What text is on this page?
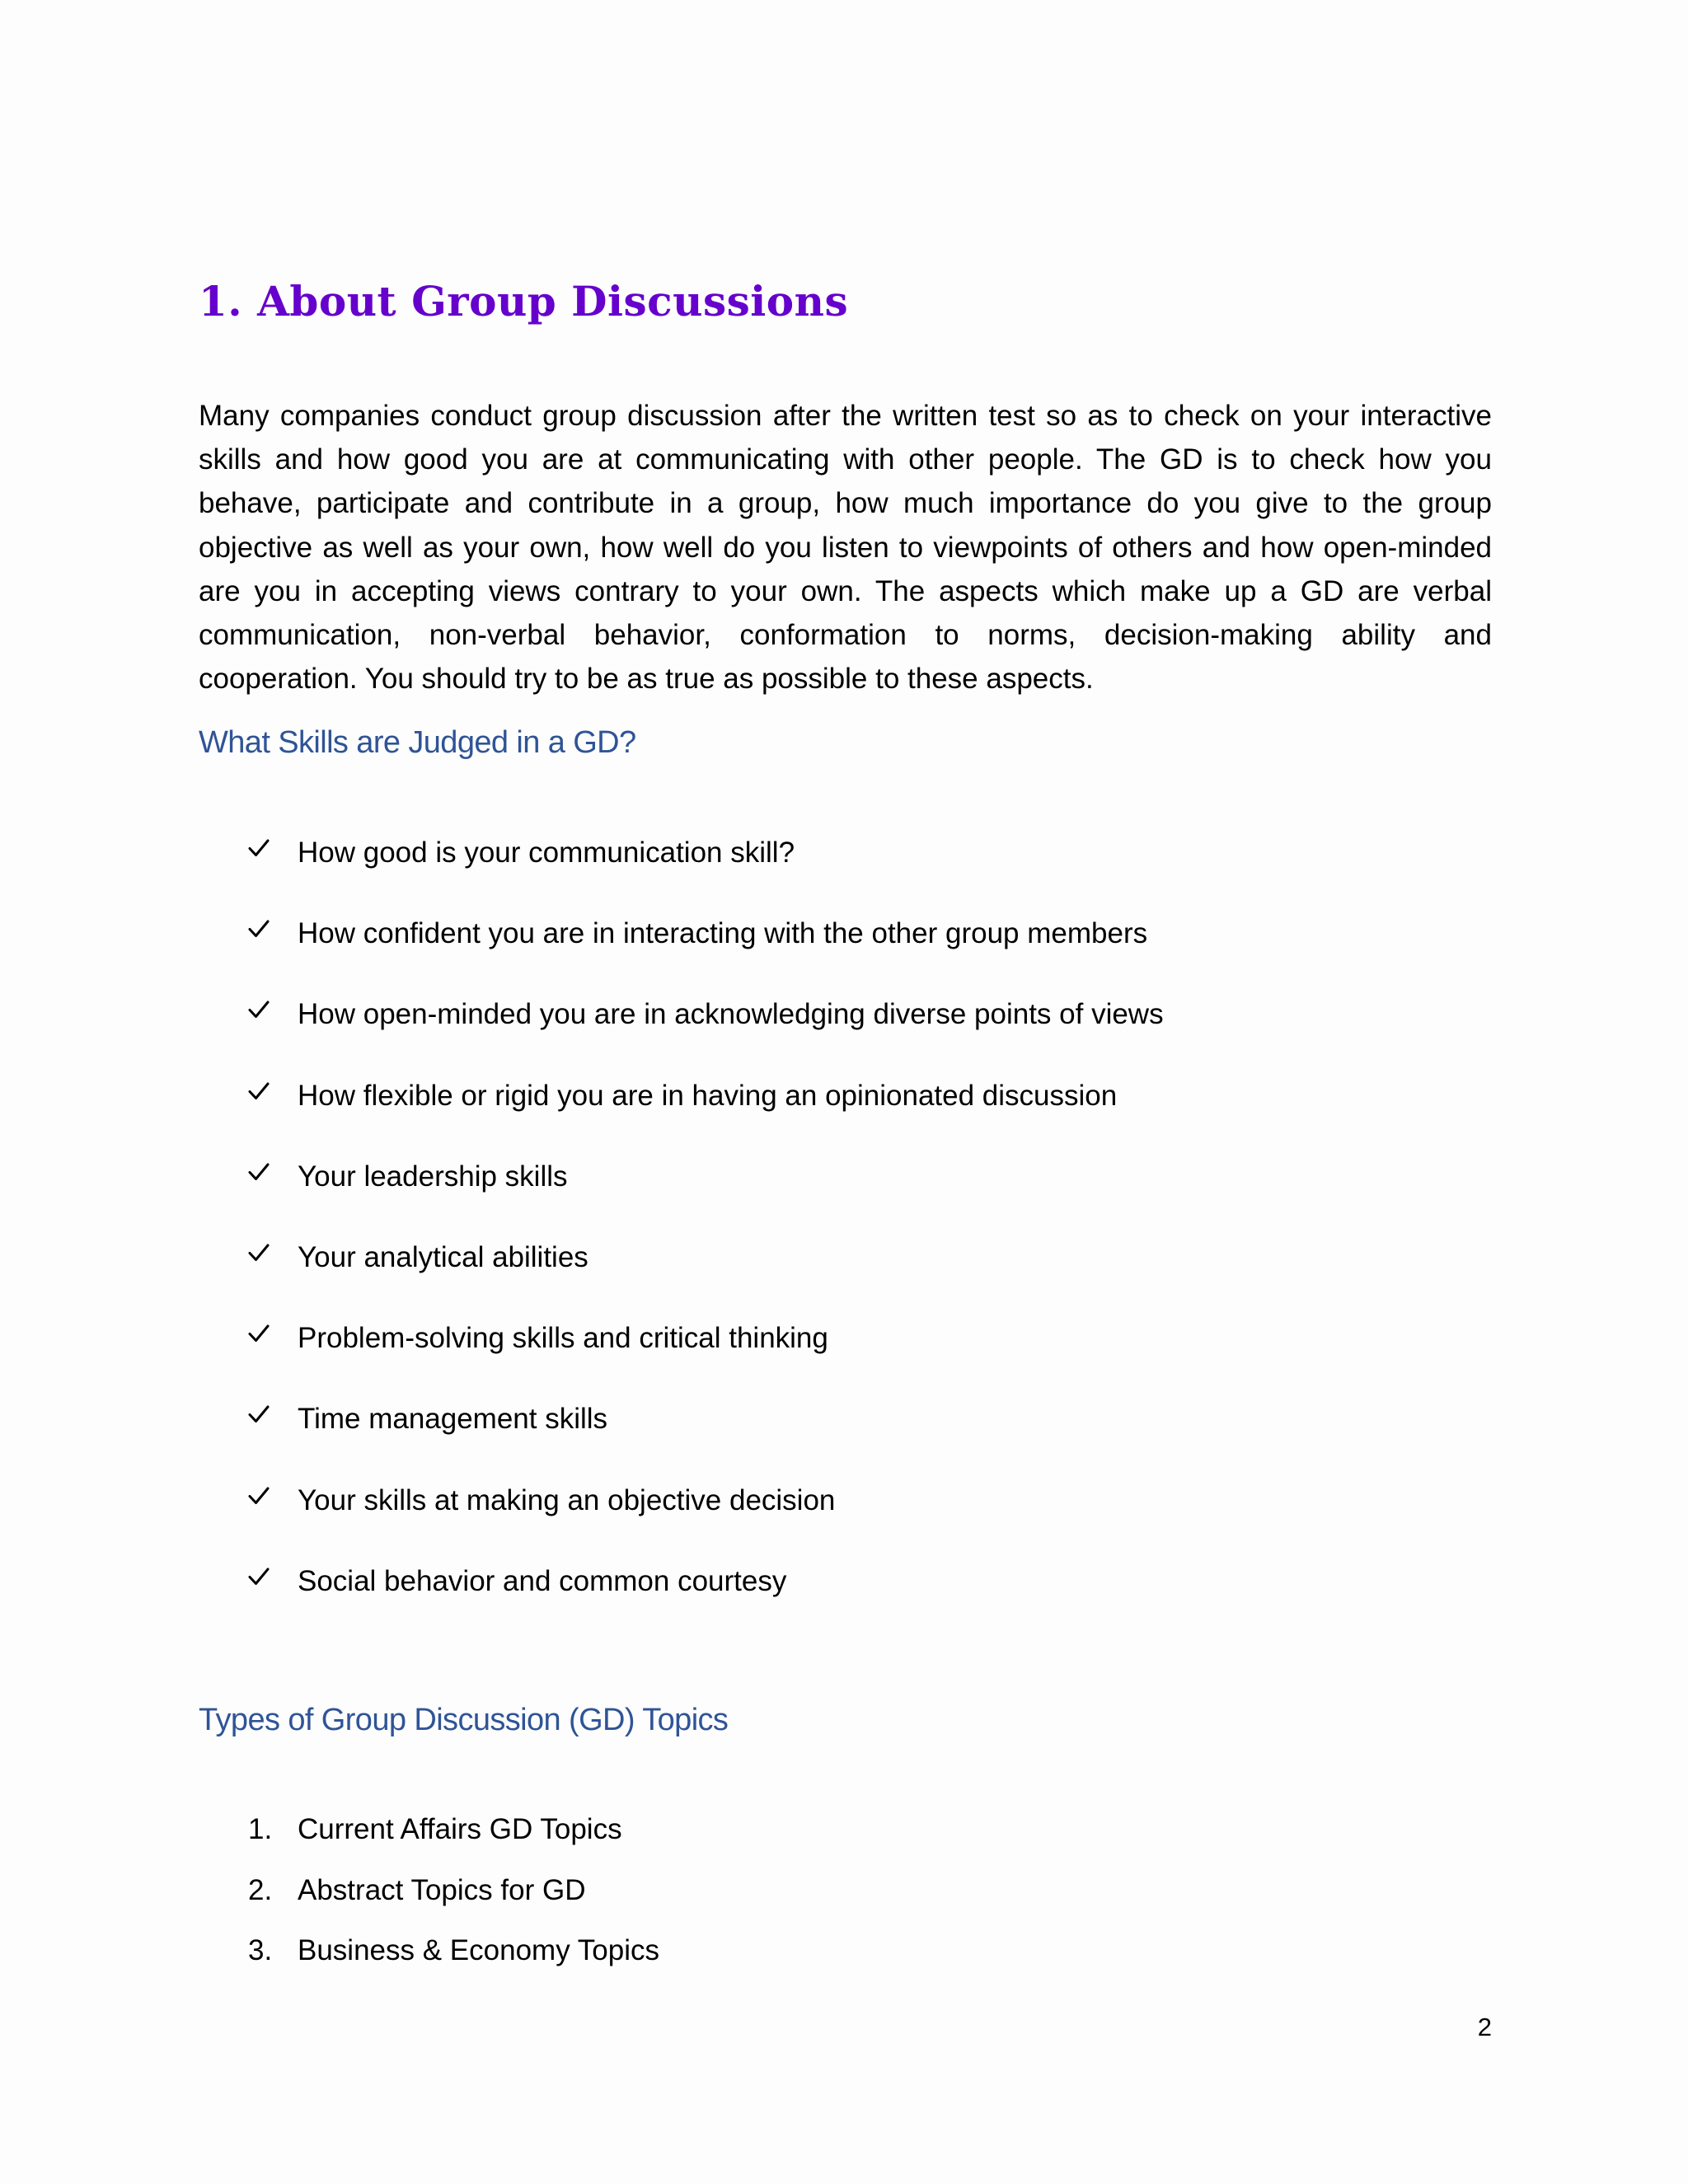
1. About Group Discussions

Many companies conduct group discussion after the written test so as to check on your interactive skills and how good you are at communicating with other people. The GD is to check how you behave, participate and contribute in a group, how much importance do you give to the group objective as well as your own, how well do you listen to viewpoints of others and how open-minded are you in accepting views contrary to your own. The aspects which make up a GD are verbal communication, non-verbal behavior, conformation to norms, decision-making ability and cooperation. You should try to be as true as possible to these aspects.

What Skills are Judged in a GD?
How good is your communication skill?
How confident you are in interacting with the other group members
How open-minded you are in acknowledging diverse points of views
How flexible or rigid you are in having an opinionated discussion
Your leadership skills
Your analytical abilities
Problem-solving skills and critical thinking
Time management skills
Your skills at making an objective decision
Social behavior and common courtesy
Types of Group Discussion (GD) Topics
1. Current Affairs GD Topics
2. Abstract Topics for GD
3. Business & Economy Topics
2
